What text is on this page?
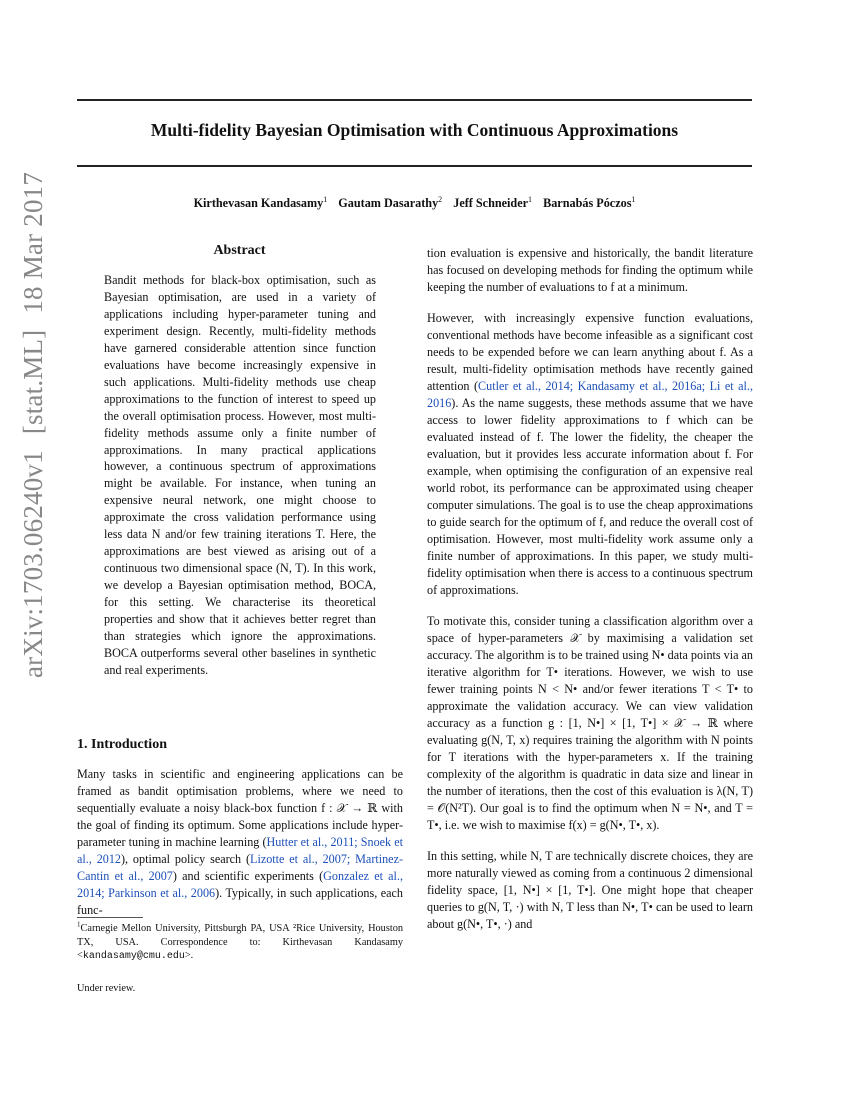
Multi-fidelity Bayesian Optimisation with Continuous Approximations
Kirthevasan Kandasamy$^1$ Gautam Dasarathy$^2$ Jeff Schneider$^1$ Barnabás Póczos$^1$
arXiv:1703.06240v1[stat.ML]18 Mar 2017	Abstract

Bandit methods for black-box optimisation, such as Bayesian optimisation, are used in a variety of applications including hyper-parameter tuning and experiment design. Recently, multi-fidelity methods have garnered considerable attention since function evaluations have become increasingly expensive in such applications. Multi-fidelity methods use cheap approximations to the function of interest to speed up the overall optimisation process. However, most multi-fidelity methods assume only a finite number of approximations. In many practical applications however, a continuous spectrum of approximations might be available. For instance, when tuning an expensive neural network, one might choose to approximate the cross validation performance using less data N and/or few training iterations T. Here, the approximations are best viewed as arising out of a continuous two dimensional space (N, T). In this work, we develop a Bayesian optimisation method, BOCA, for this setting. We characterise its theoretical properties and show that it achieves better regret than than strategies which ignore the approximations. BOCA outperforms several other baselines in synthetic and real experiments.

1. Introduction

Many tasks in scientific and engineering applications can be framed as bandit optimisation problems, where we need to sequentially evaluate a noisy black-box function f : 𝒳 → ℝ with the goal of finding its optimum. Some applications include hyper-parameter tuning in machine learning (Hutter et al., 2011; Snoek et al., 2012), optimal policy search (Lizotte et al., 2007; Martinez-Cantin et al., 2007) and scientific experiments (Gonzalez et al., 2014; Parkinson et al., 2006). Typically, in such applications, each func-

tion evaluation is expensive and historically, the bandit literature has focused on developing methods for finding the optimum while keeping the number of evaluations to f at a minimum.

However, with increasingly expensive function evaluations, conventional methods have become infeasible as a significant cost needs to be expended before we can learn anything about f. As a result, multi-fidelity optimisation methods have recently gained attention (Cutler et al., 2014; Kandasamy et al., 2016a; Li et al., 2016). As the name suggests, these methods assume that we have access to lower fidelity approximations to f which can be evaluated instead of f. The lower the fidelity, the cheaper the evaluation, but it provides less accurate information about f. For example, when optimising the configuration of an expensive real world robot, its performance can be approximated using cheaper computer simulations. The goal is to use the cheap approximations to guide search for the optimum of f, and reduce the overall cost of optimisation. However, most multi-fidelity work assume only a finite number of approximations. In this paper, we study multi-fidelity optimisation when there is access to a continuous spectrum of approximations.

To motivate this, consider tuning a classification algorithm over a space of hyper-parameters 𝒳 by maximising a validation set accuracy. The algorithm is to be trained using N• data points via an iterative algorithm for T• iterations. However, we wish to use fewer training points N < N• and/or fewer iterations T < T• to approximate the validation accuracy. We can view validation accuracy as a function g : [1, N•] × [1, T•] × 𝒳 → ℝ where evaluating g(N, T, x) requires training the algorithm with N points for T iterations with the hyper-parameters x. If the training complexity of the algorithm is quadratic in data size and linear in the number of iterations, then the cost of this evaluation is λ(N, T) = 𝒪(N²T). Our goal is to find the optimum when N = N•, and T = T•, i.e. we wish to maximise f(x) = g(N•, T•, x).

In this setting, while N, T are technically discrete choices, they are more naturally viewed as coming from a continuous 2 dimensional fidelity space, [1, N•] × [1, T•]. One might hope that cheaper queries to g(N, T, ·) with N, T less than N•, T• can be used to learn about g(N•, T•, ·) and

$^1$Carnegie Mellon University, Pittsburgh PA, USA ²Rice University, Houston TX, USA. Correspondence to: Kirthevasan Kandasamy <kandasamy@cmu.edu>.
Under review.
